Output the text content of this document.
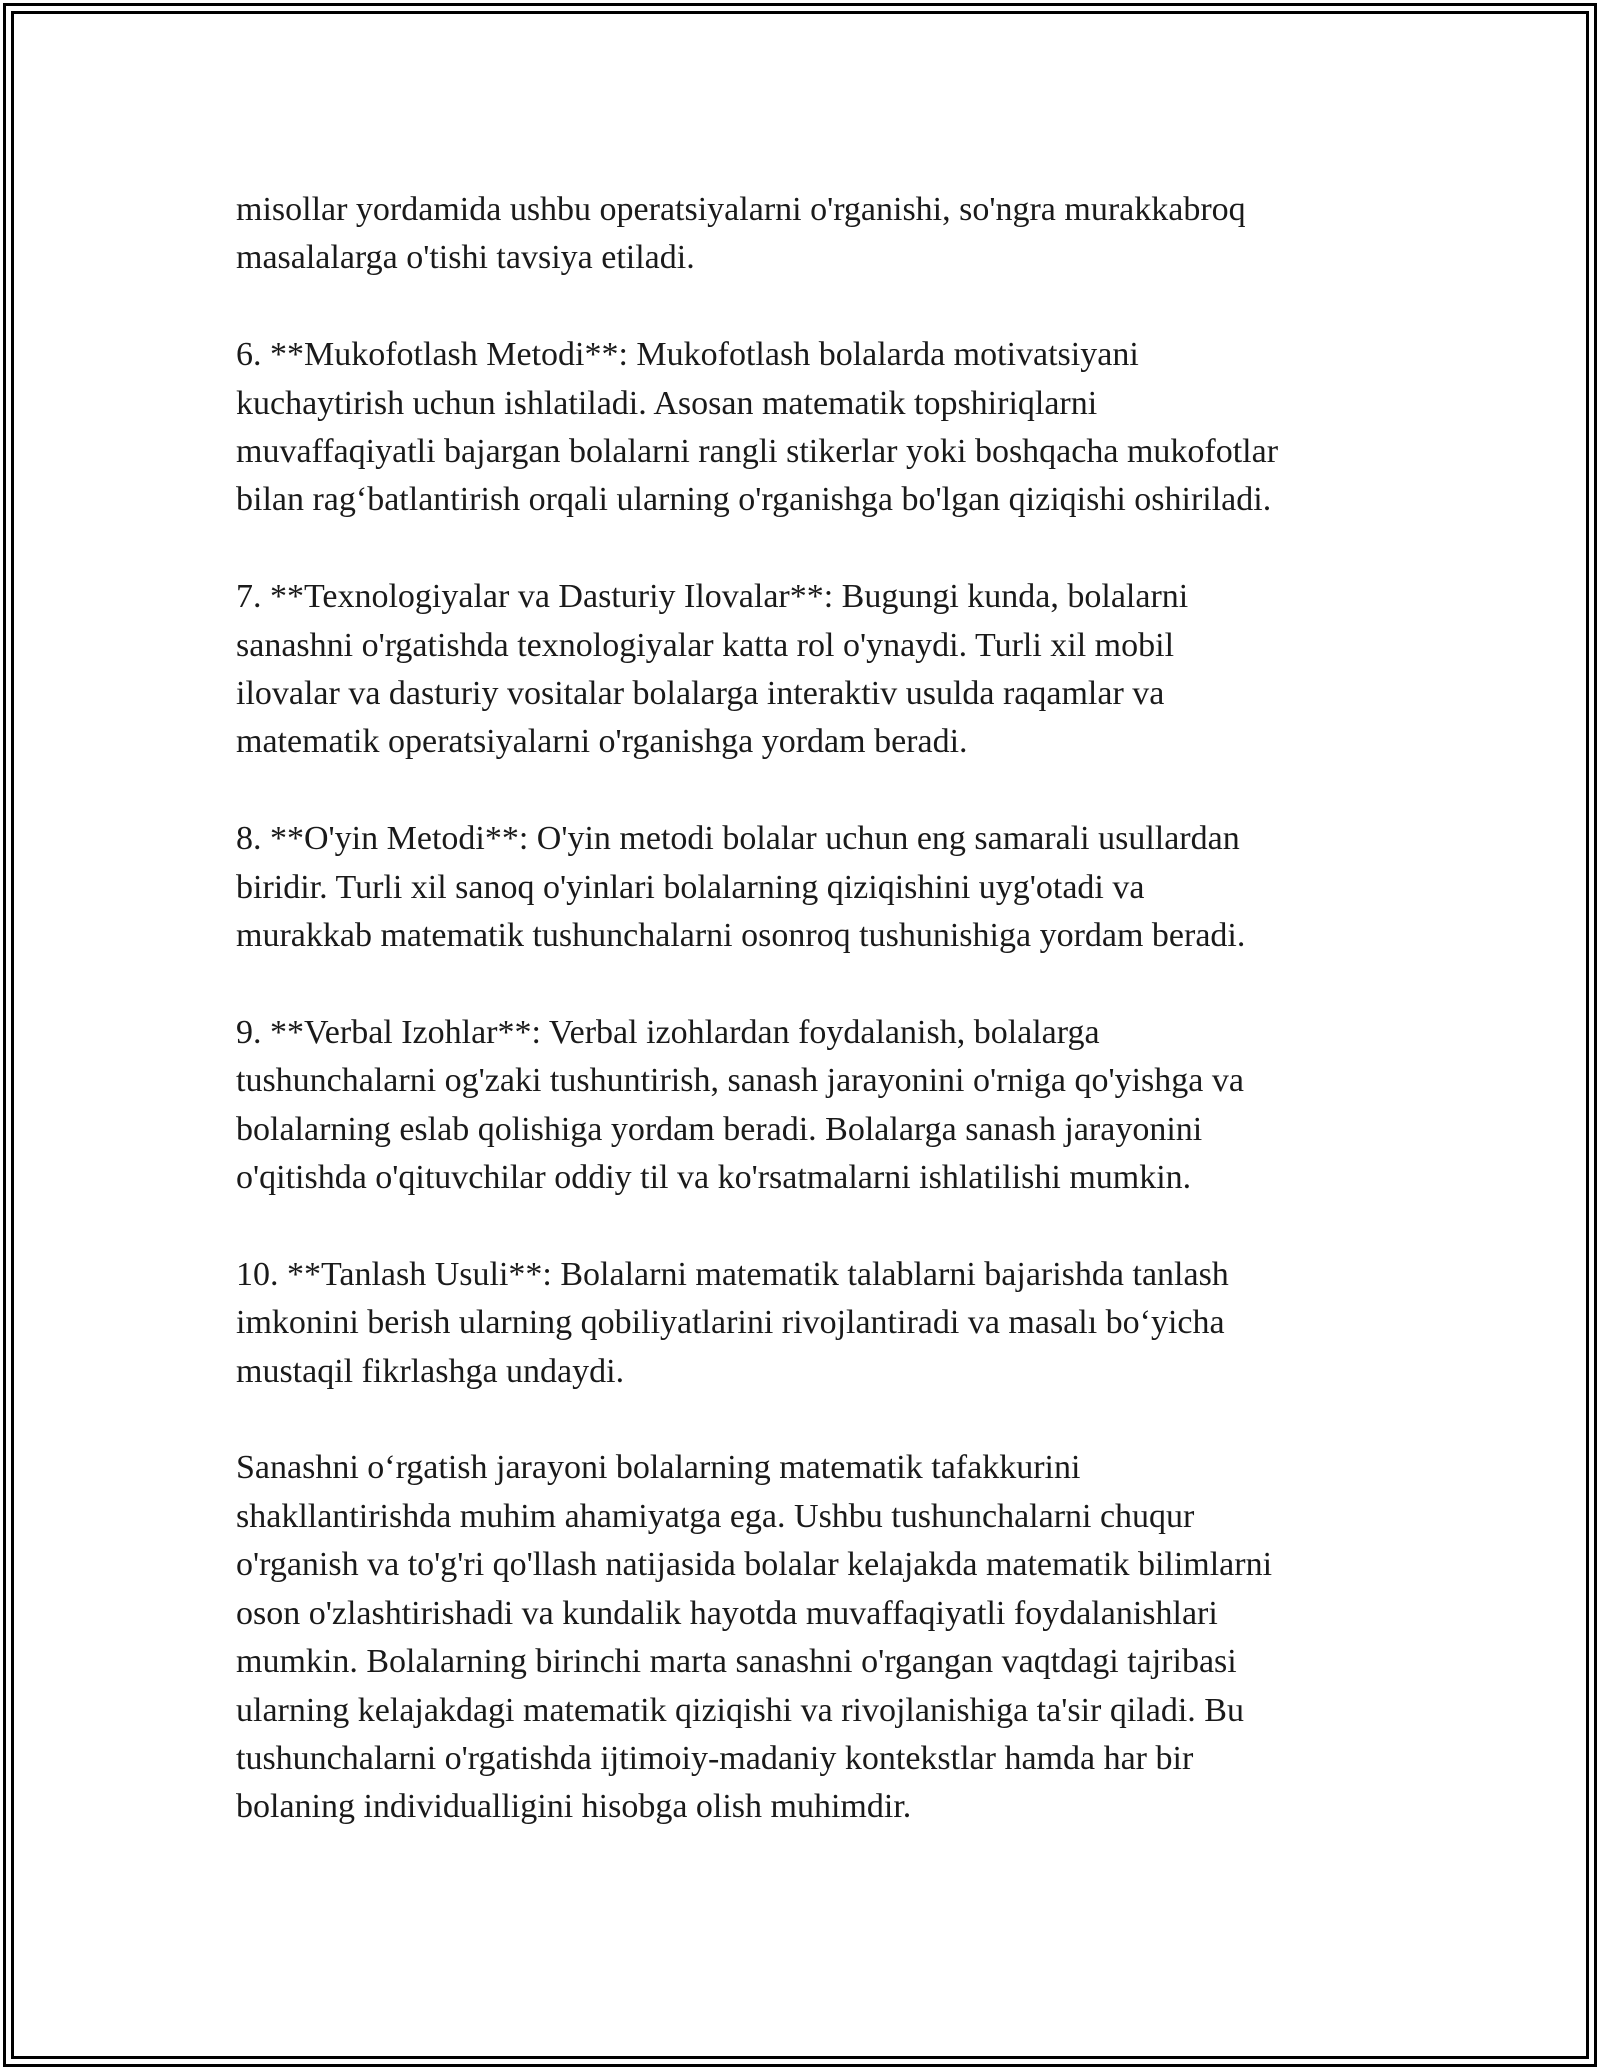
misollar yordamida ushbu operatsiyalarni o'rganishi, so'ngra murakkabroq
masalalarga o'tishi tavsiya etiladi.

6. **Mukofotlash Metodi**: Mukofotlash bolalarda motivatsiyani
kuchaytirish uchun ishlatiladi. Asosan matematik topshiriqlarni
muvaffaqiyatli bajargan bolalarni rangli stikerlar yoki boshqacha mukofotlar
bilan rag‘batlantirish orqali ularning o'rganishga bo'lgan qiziqishi oshiriladi.

7. **Texnologiyalar va Dasturiy Ilovalar**: Bugungi kunda, bolalarni
sanashni o'rgatishda texnologiyalar katta rol o'ynaydi. Turli xil mobil
ilovalar va dasturiy vositalar bolalarga interaktiv usulda raqamlar va
matematik operatsiyalarni o'rganishga yordam beradi.

8. **O'yin Metodi**: O'yin metodi bolalar uchun eng samarali usullardan
biridir. Turli xil sanoq o'yinlari bolalarning qiziqishini uyg'otadi va
murakkab matematik tushunchalarni osonroq tushunishiga yordam beradi.

9. **Verbal Izohlar**: Verbal izohlardan foydalanish, bolalarga
tushunchalarni og'zaki tushuntirish, sanash jarayonini o'rniga qo'yishga va
bolalarning eslab qolishiga yordam beradi. Bolalarga sanash jarayonini
o'qitishda o'qituvchilar oddiy til va ko'rsatmalarni ishlatilishi mumkin.

10. **Tanlash Usuli**: Bolalarni matematik talablarni bajarishda tanlash
imkonini berish ularning qobiliyatlarini rivojlantiradi va masalı bo‘yicha
mustaqil fikrlashga undaydi.

Sanashni o‘rgatish jarayoni bolalarning matematik tafakkurini
shakllantirishda muhim ahamiyatga ega. Ushbu tushunchalarni chuqur
o'rganish va to'g'ri qo'llash natijasida bolalar kelajakda matematik bilimlarni
oson o'zlashtirishadi va kundalik hayotda muvaffaqiyatli foydalanishlari
mumkin. Bolalarning birinchi marta sanashni o'rgangan vaqtdagi tajribasi
ularning kelajakdagi matematik qiziqishi va rivojlanishiga ta'sir qiladi. Bu
tushunchalarni o'rgatishda ijtimoiy-madaniy kontekstlar hamda har bir
bolaning individualligini hisobga olish muhimdir.
